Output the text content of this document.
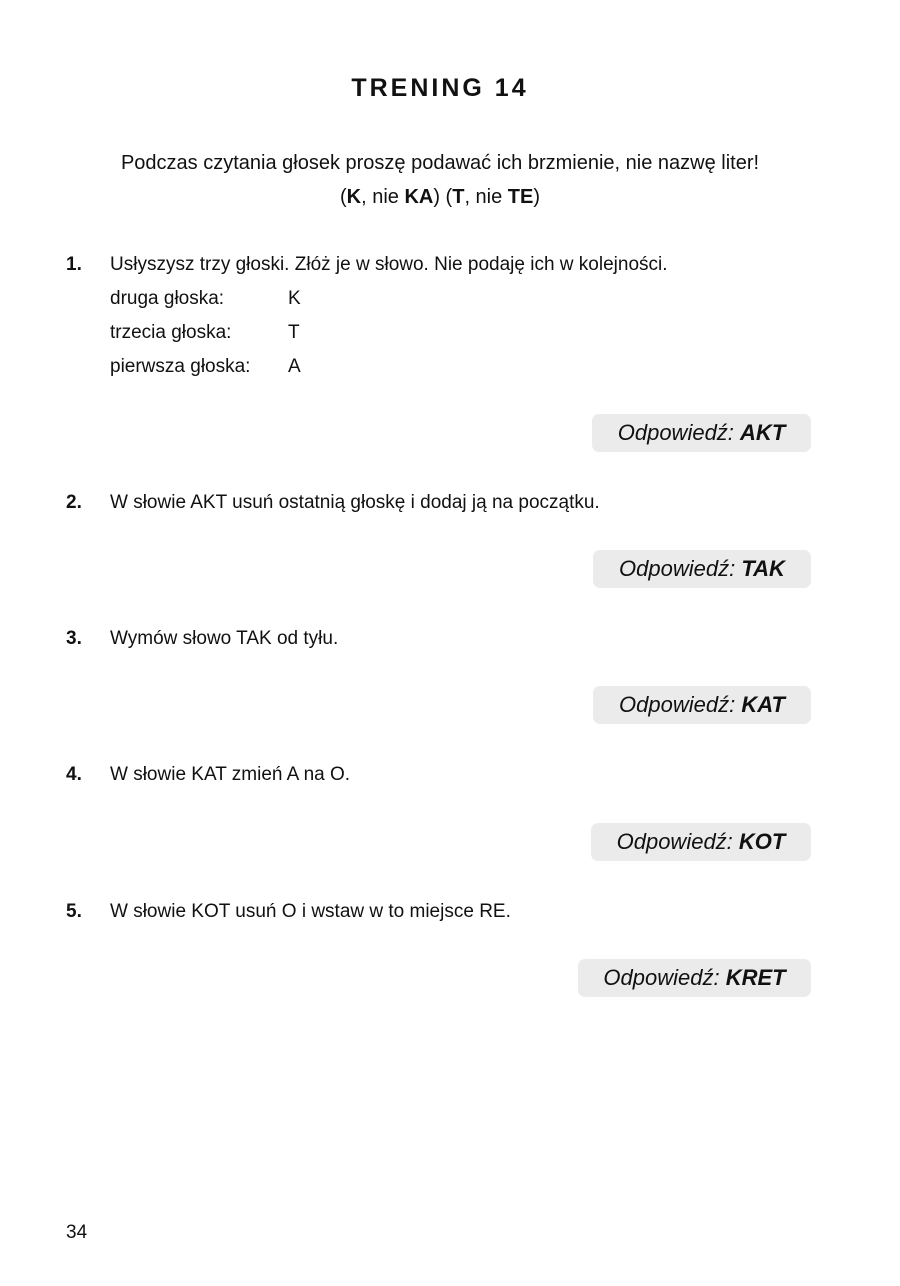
TRENING 14
Podczas czytania głosek proszę podawać ich brzmienie, nie nazwę liter!
(K, nie KA) (T, nie TE)
1.	Usłyszysz trzy głoski. Złóż je w słowo. Nie podaję ich w kolejności.
druga głoska:	K
trzecia głoska:	T
pierwsza głoska: A
Odpowiedź: AKT
2.	W słowie AKT usuń ostatnią głoskę i dodaj ją na początku.
Odpowiedź: TAK
3.	Wymów słowo TAK od tyłu.
Odpowiedź: KAT
4.	W słowie KAT zmień A na O.
Odpowiedź: KOT
5.	W słowie KOT usuń O i wstaw w to miejsce RE.
Odpowiedź: KRET
34
